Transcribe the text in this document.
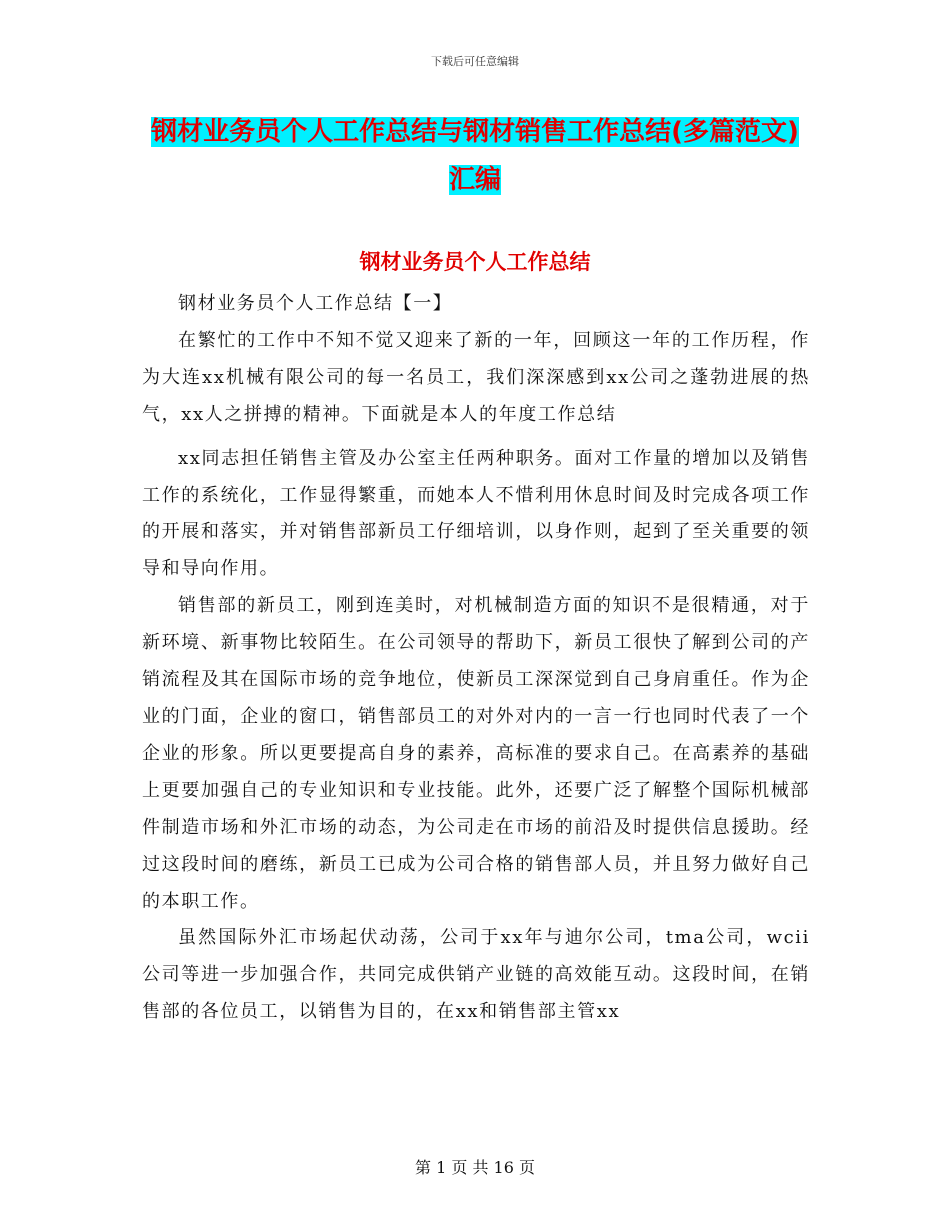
下载后可任意编辑
钢材业务员个人工作总结与钢材销售工作总结(多篇范文)汇编
钢材业务员个人工作总结

钢材业务员个人工作总结【一】

在繁忙的工作中不知不觉又迎来了新的一年，回顾这一年的工作历程，作为大连xx机械有限公司的每一名员工，我们深深感到xx公司之蓬勃进展的热气，xx人之拼搏的精神。下面就是本人的年度工作总结

xx同志担任销售主管及办公室主任两种职务。面对工作量的增加以及销售工作的系统化，工作显得繁重，而她本人不惜利用休息时间及时完成各项工作的开展和落实，并对销售部新员工仔细培训，以身作则，起到了至关重要的领导和导向作用。

销售部的新员工，刚到连美时，对机械制造方面的知识不是很精通，对于新环境、新事物比较陌生。在公司领导的帮助下，新员工很快了解到公司的产销流程及其在国际市场的竞争地位，使新员工深深觉到自己身肩重任。作为企业的门面，企业的窗口，销售部员工的对外对内的一言一行也同时代表了一个企业的形象。所以更要提高自身的素养，高标准的要求自己。在高素养的基础上更要加强自己的专业知识和专业技能。此外，还要广泛了解整个国际机械部件制造市场和外汇市场的动态，为公司走在市场的前沿及时提供信息援助。经过这段时间的磨练，新员工已成为公司合格的销售部人员，并且努力做好自己的本职工作。

虽然国际外汇市场起伏动荡，公司于xx年与迪尔公司，tma公司，wcii公司等进一步加强合作，共同完成供销产业链的高效能互动。这段时间，在销售部的各位员工，以销售为目的，在xx和销售部主管xx

第 1 页 共 16 页
